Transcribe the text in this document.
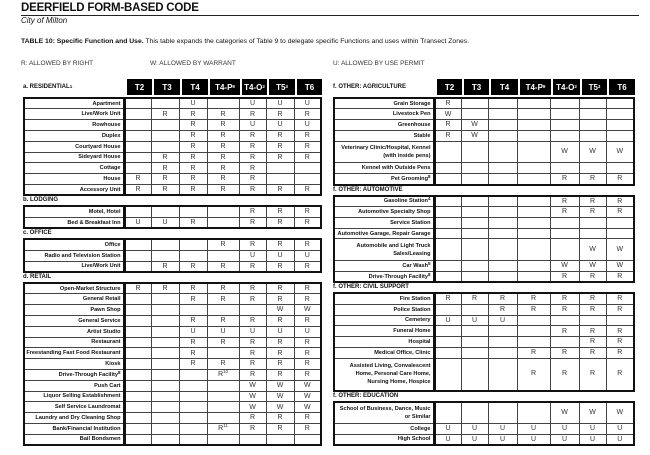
DEERFIELD FORM-BASED CODE
City of Milton
TABLE 10: Specific Function and Use. This table expands the categories of Table 9 to delegate specific Functions and uses within Transect Zones.
R: ALLOWED BY RIGHT	W: ALLOWED BY WARRANT	U: ALLOWED BY USE PERMIT
a. RESIDENTIAL 1	T2 T3 T4 T4-P 9 T4-O 2 T5 3 T6
Apartment			U		U	U	U
Live/Work Unit		R	R	R	R	R	R
Rowhouse			R	R	U	U	U
Duplex			R	R	R	R	R
Courtyard House			R	R	R	R	R
Sideyard House		R	R	R	R	R	R
Cottage		R	R	R	R		
House	R	R	R	R	R		
Accessory Unit	R	R	R	R	R	R	R
b. LODGING
Motel, Hotel					R	R	R
Bed & Breakfast Inn	U	U	R		R	R	R
c. OFFICE
Office				R	R	R	R
Radio and Television Station					U	U	U
Live/Work Unit		R	R	R	R	R	R
d. RETAIL
Open-Market Structure	R	R	R	R	R	R	R
General Retail			R	R	R	R	R
Pawn Shop						W	W
General Service			R	R	R	R	R
Artist Studio			U	U	U	U	U
Restaurant			R	R	R	R	R
Freestanding Fast Food Restaurant			R		R	R	R
Kiosk			R	R	R	R	R
Drive-Through Facility$^8$				$R^{10}$	R	R	R
Push Cart					W	W	W
Liquor Selling Establishment					W	W	W
Self Service Laundromat					W	W	W
Laundry and Dry Cleaning Shop					R	R	R
Bank/Financial Institution				$R^{11}$	R	R	R
Bail Bondsmen							
f. OTHER: AGRICULTURE	T2 T3 T4 T4-P 9 T4-O 2 T5 3 T6
Grain Storage	R						
Livestock Pen	W						
Greenhouse	R	W					
Stable	R	W					
Veterinary Clinic/Hospital, Kennel (with inside pens)					W	W	W
Kennel with Outside Pens							
Pet Grooming$^8$					R	R	R
f. OTHER: AUTOMOTIVE
Gasoline Station$^4$					R	R	R
Automotive Specialty Shop					R	R	R
Service Station							
Automotive Garage, Repair Garage							
Automobile and Light Truck Sales/Leasing						W	W
Car Wash$^5$					W	W	W
Drive-Through Facility$^8$					R	R	R
f. OTHER: CIVIL SUPPORT
Fire Station	R	R	R	R	R	R	R
Police Station			R	R	R	R	R
Cemetery	U	U	U				
Funeral Home					R	R	R
Hospital						R	R
Medical Office, Clinic				R	R	R	R
Assisted Living, Convalescent Home, Personal Care Home, Nursing Home, Hospice				R	R	R	R
f. OTHER: EDUCATION
School of Business, Dance, Music or Similar					W	W	W
College	U	U	U	U	U	U	U
High School	U	U	U	U	U	U	U
